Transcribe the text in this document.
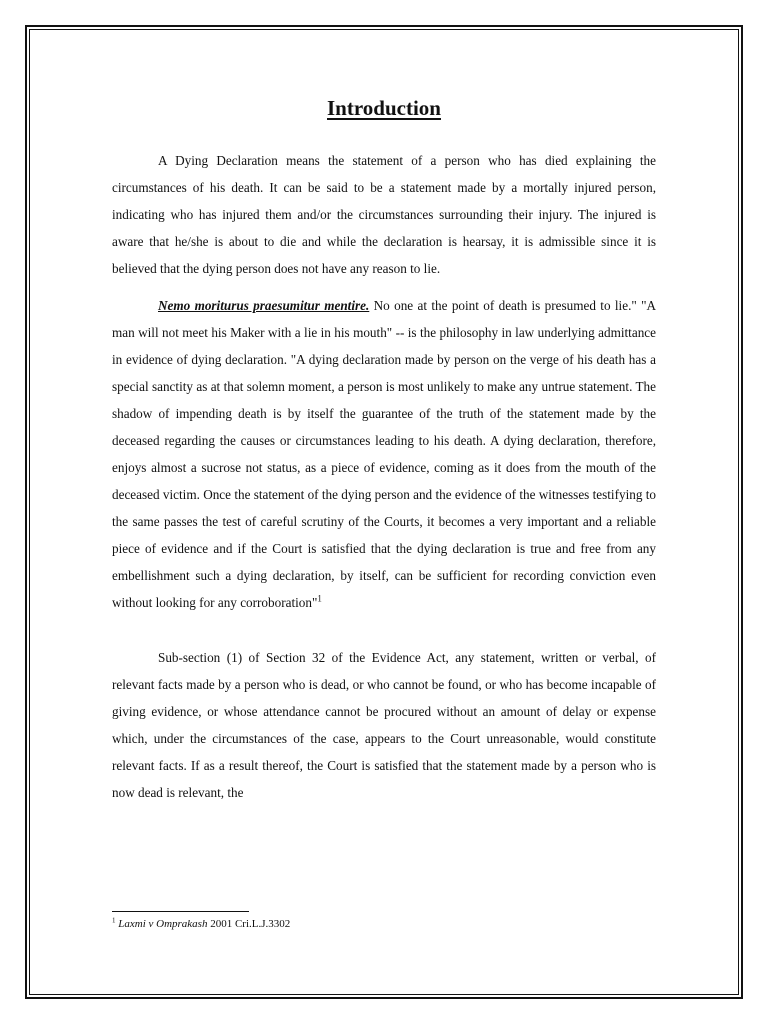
Introduction

A Dying Declaration means the statement of a person who has died explaining the circumstances of his death. It can be said to be a statement made by a mortally injured person, indicating who has injured them and/or the circumstances surrounding their injury. The injured is aware that he/she is about to die and while the declaration is hearsay, it is admissible since it is believed that the dying person does not have any reason to lie.

Nemo moriturus praesumitur mentire. No one at the point of death is presumed to lie." "A man will not meet his Maker with a lie in his mouth" -- is the philosophy in law underlying admittance in evidence of dying declaration. "A dying declaration made by person on the verge of his death has a special sanctity as at that solemn moment, a person is most unlikely to make any untrue statement. The shadow of impending death is by itself the guarantee of the truth of the statement made by the deceased regarding the causes or circumstances leading to his death. A dying declaration, therefore, enjoys almost a sucrose not status, as a piece of evidence, coming as it does from the mouth of the deceased victim. Once the statement of the dying person and the evidence of the witnesses testifying to the same passes the test of careful scrutiny of the Courts, it becomes a very important and a reliable piece of evidence and if the Court is satisfied that the dying declaration is true and free from any embellishment such a dying declaration, by itself, can be sufficient for recording conviction even without looking for any corroboration"$^1$

Sub-section (1) of Section 32 of the Evidence Act, any statement, written or verbal, of relevant facts made by a person who is dead, or who cannot be found, or who has become incapable of giving evidence, or whose attendance cannot be procured without an amount of delay or expense which, under the circumstances of the case, appears to the Court unreasonable, would constitute relevant facts. If as a result thereof, the Court is satisfied that the statement made by a person who is now dead is relevant, the

$^1$ Laxmi v Omprakash 2001 Cri.L.J.3302
